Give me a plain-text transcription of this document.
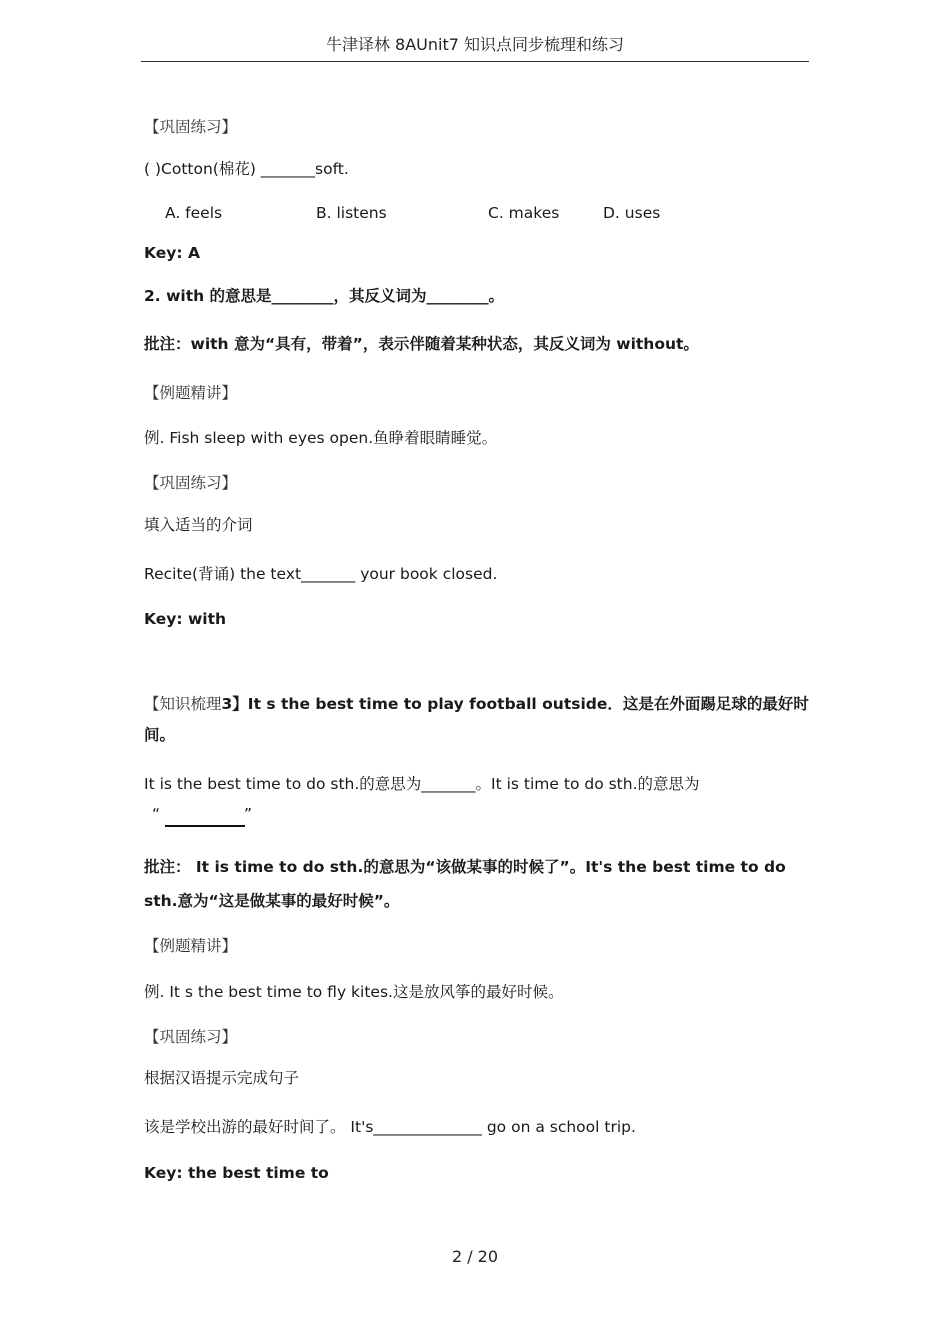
牛津译林 8AUnit7 知识点同步梳理和练习
【巩固练习】
( )Cotton(棉花) _______soft.
A. feels	B. listens	C. makes	D. uses
Key: A
2. with 的意思是________，其反义词为________。
批注：with 意为“具有，带着”，表示伴随着某种状态，其反义词为 without。
【例题精讲】
例. Fish sleep with eyes open.鱼睁着眼睛睡觉。
【巩固练习】
填入适当的介词
Recite(背诵) the text_______ your book closed.
Key: with
【知识梳理3】It s the best time to play football outside．这是在外面踢足球的最好时间。
It is the best time to do sth.的意思为_______。It is time to do sth.的意思为
“	”
批注： It is time to do sth.的意思为“该做某事的时候了”。It's the best time to do sth.意为“这是做某事的最好时候”。
【例题精讲】
例. It s the best time to fly kites.这是放风筝的最好时候。
【巩固练习】
根据汉语提示完成句子
该是学校出游的最好时间了。 It's______________ go on a school trip.
Key: the best time to
2 / 20
